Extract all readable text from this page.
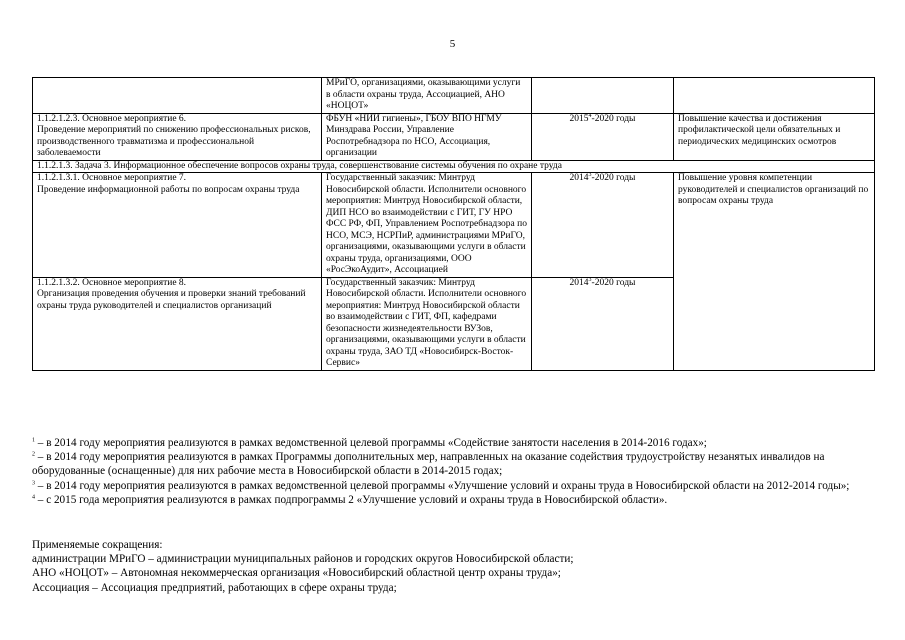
5
	МРиГО, организациями, оказывающими услуги в области охраны труда, Ассоциацией, АНО «НОЦОТ»		

1.1.2.1.2.3. Основное мероприятие 6.
Проведение мероприятий по снижению профессиональных рисков, производственного травматизма и профессиональной заболеваемости	ФБУН «НИИ гигиены», ГБОУ ВПО НГМУ Минздрава России, Управление Роспотребнадзора по НСО, Ассоциация, организации	2015$^4$-2020 годы	Повышение качества и достижения профилактической цели обязательных и периодических медицинских осмотров
1.1.2.1.3. Задача 3. Информационное обеспечение вопросов охраны труда, совершенствование системы обучения по охране труда			

1.1.2.1.3.1. Основное мероприятие 7.
Проведение информационной работы по вопросам охраны труда	Государственный заказчик: Минтруд Новосибирской области. Исполнители основного мероприятия: Минтруд Новосибирской области, ДИП НСО во взаимодействии с ГИТ, ГУ НРО ФСС РФ, ФП, Управлением Роспотребнадзора по НСО, МСЭ, НСРПиР, администрациями МРиГО, организациями, оказывающими услуги в области охраны труда, организациями, ООО «РосЭкоАудит», Ассоциацией	2014$^3$-2020 годы	Повышение уровня компетенции руководителей и специалистов организаций по вопросам охраны труда

1.1.2.1.3.2. Основное мероприятие 8.
Организация проведения обучения и проверки знаний требований охраны труда руководителей и специалистов организаций	Государственный заказчик: Минтруд Новосибирской области. Исполнители основного мероприятия: Минтруд Новосибирской области во взаимодействии с ГИТ, ФП, кафедрами безопасности жизнедеятельности ВУЗов, организациями, оказывающими услуги в области охраны труда, ЗАО ТД «Новосибирск-Восток-Сервис»	2014$^3$-2020 годы	

$^1$ – в 2014 году мероприятия реализуются в рамках ведомственной целевой программы «Содействие занятости населения в 2014-2016 годах»;

$^2$ – в 2014 году мероприятия реализуются в рамках Программы дополнительных мер, направленных на оказание содействия трудоустройству незанятых инвалидов на оборудованные (оснащенные) для них рабочие места в Новосибирской области в 2014-2015 годах;

$^3$ – в 2014 году мероприятия реализуются в рамках ведомственной целевой программы «Улучшение условий и охраны труда в Новосибирской области на 2012-2014 годы»;

$^4$ – с 2015 года мероприятия реализуются в рамках подпрограммы 2 «Улучшение условий и охраны труда в Новосибирской области».

Применяемые сокращения:

администрации МРиГО – администрации муниципальных районов и городских округов Новосибирской области;

АНО «НОЦОТ» – Автономная некоммерческая организация «Новосибирский областной центр охраны труда»;

Ассоциация – Ассоциация предприятий, работающих в сфере охраны труда;
